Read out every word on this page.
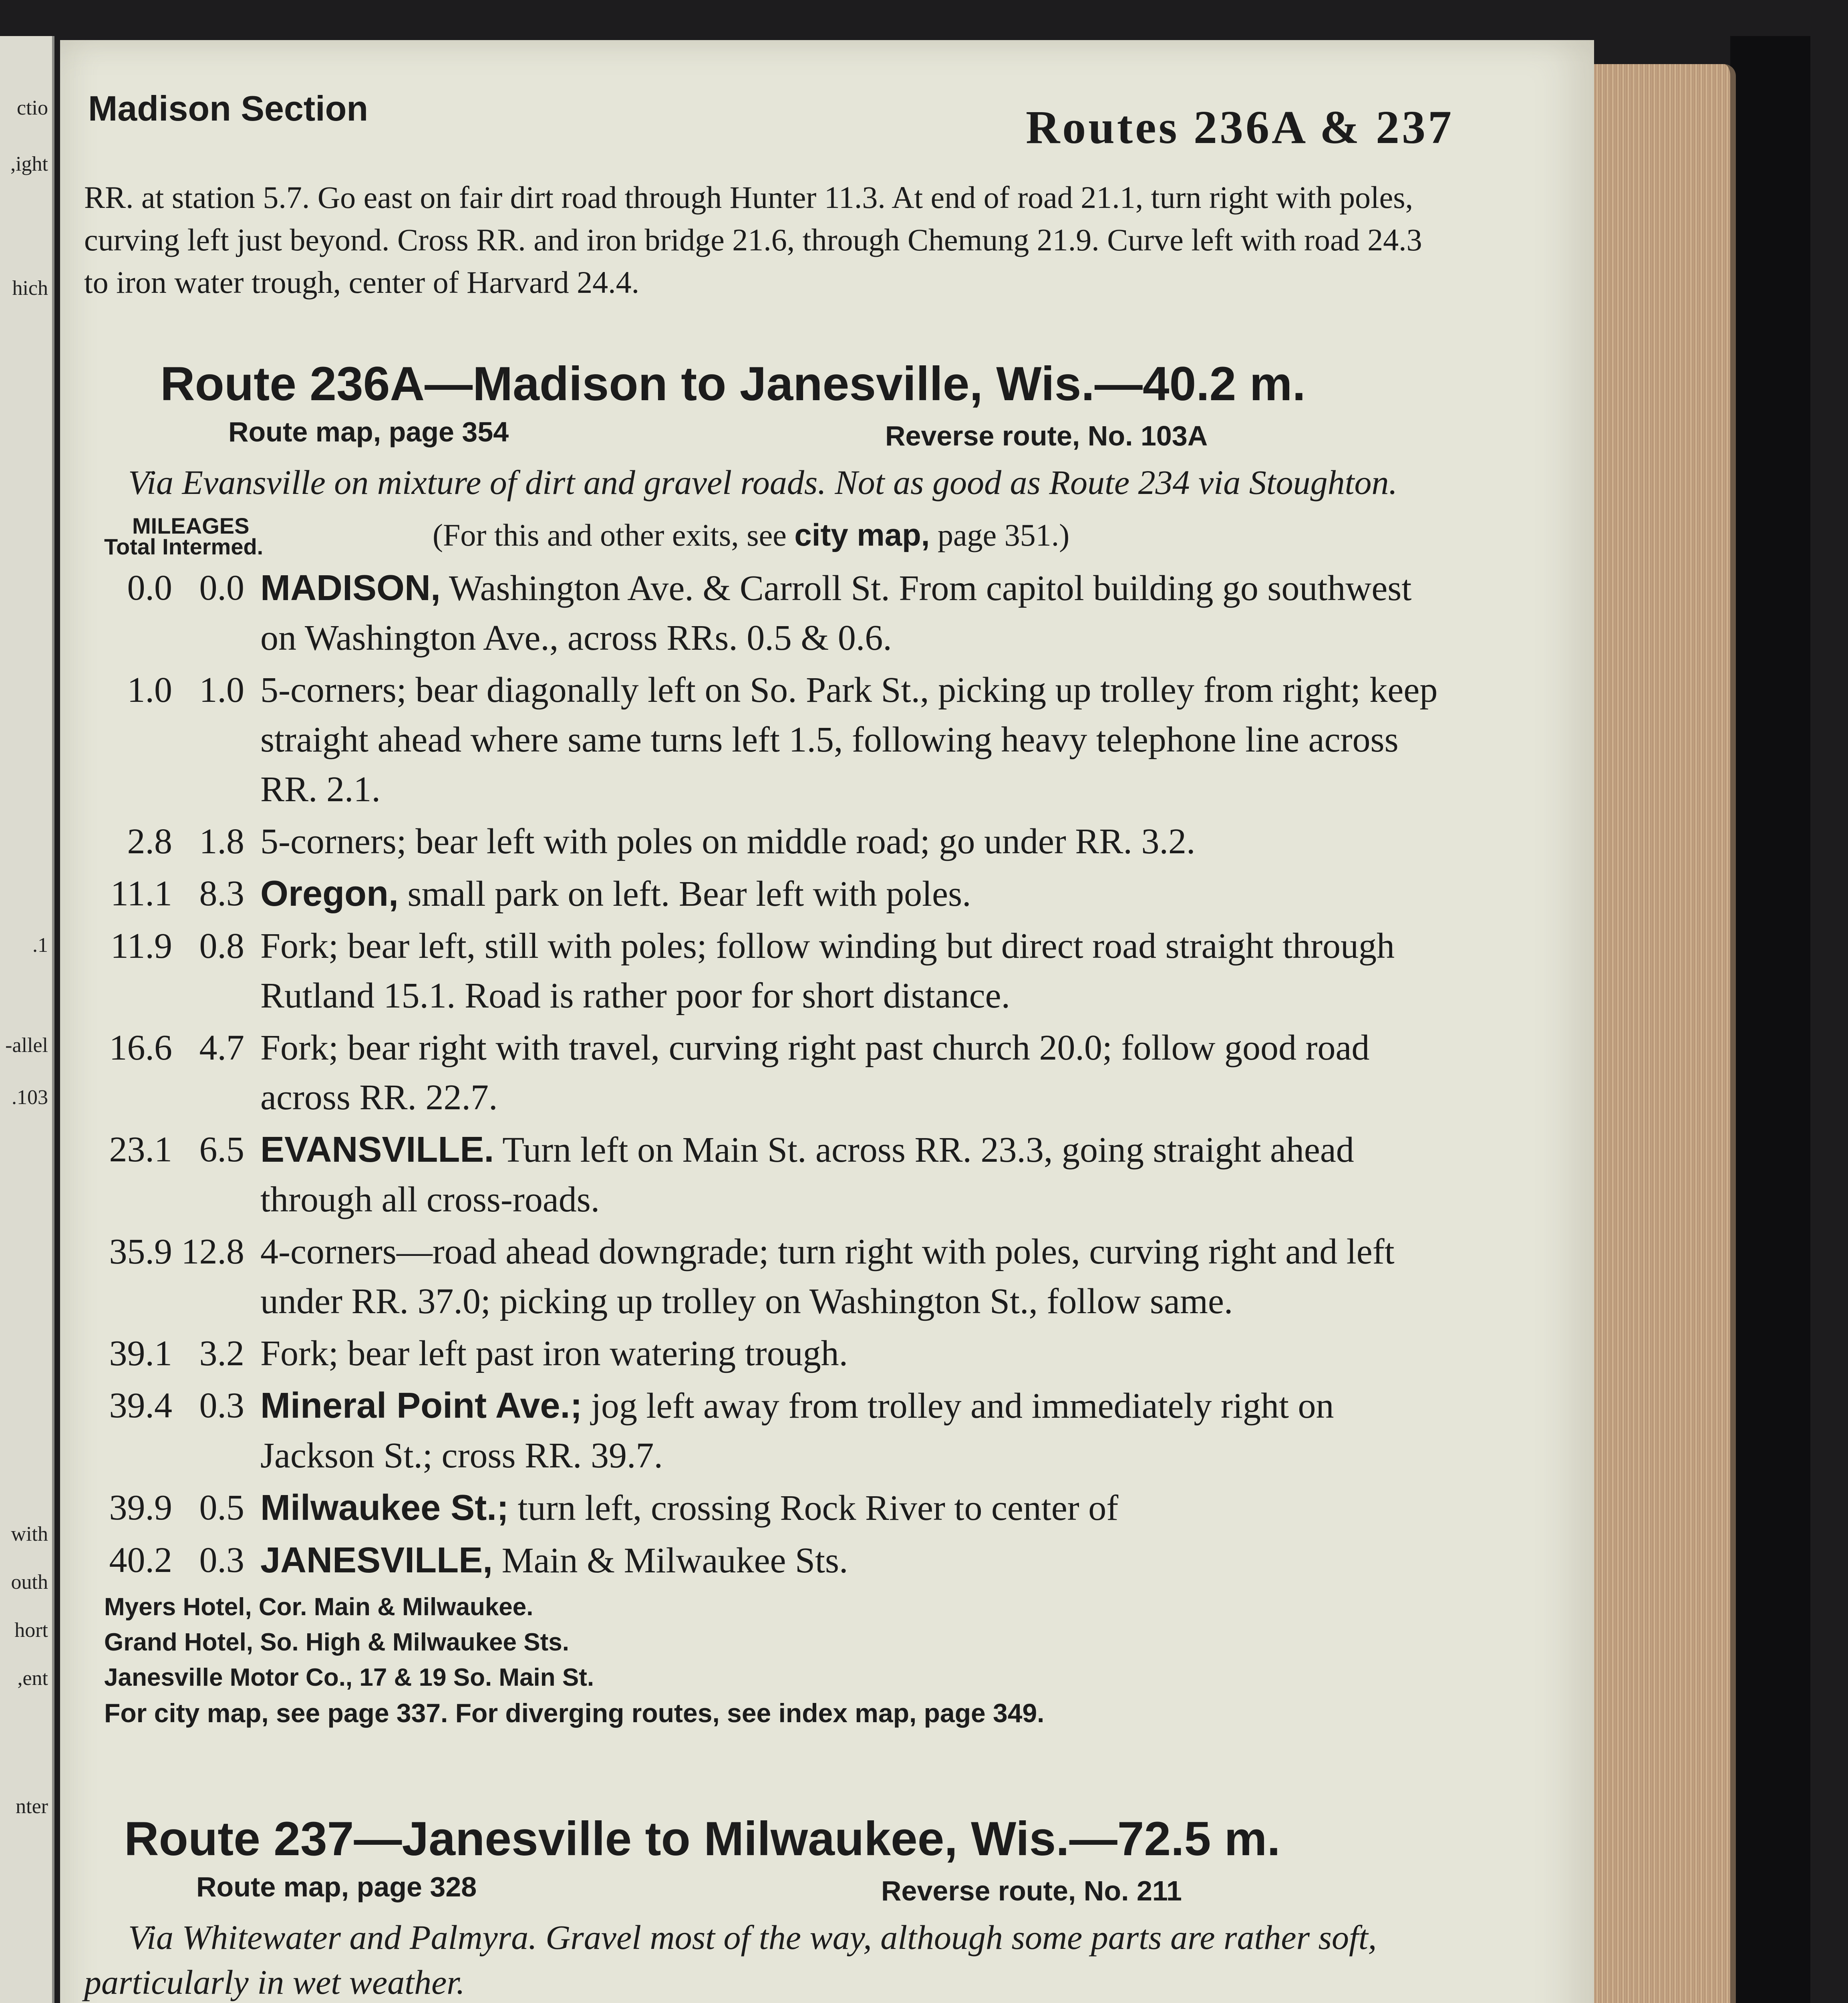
ctio
ight,
hich
1.
allel-
103.
with
outh
hort
ent,
nter
Madison Section	Routes 236A & 237

RR. at station 5.7. Go east on fair dirt road through Hunter 11.3. At end of road 21.1, turn right with poles, curving left just beyond. Cross RR. and iron bridge 21.6, through Chemung 21.9. Curve left with road 24.3 to iron water trough, center of Harvard 24.4.

Route 236A—Madison to Janesville, Wis.—40.2 m.
Route map, page 354	Reverse route, No. 103A

Via Evansville on mixture of dirt and gravel roads. Not as good as Route 234 via Stoughton.

MILEAGES
Total Intermed.	(For this and other exits, see city map, page 351.)
0.0 0.0 MADISON, Washington Ave. & Carroll St. From capitol building go southwest on Washington Ave., across RRs. 0.5 & 0.6.
1.0 1.0 5-corners; bear diagonally left on So. Park St., picking up trolley from right; keep straight ahead where same turns left 1.5, following heavy telephone line across RR. 2.1.
2.8 1.8 5-corners; bear left with poles on middle road; go under RR. 3.2.
11.1 8.3 Oregon, small park on left. Bear left with poles.
11.9 0.8 Fork; bear left, still with poles; follow winding but direct road straight through Rutland 15.1. Road is rather poor for short distance.
16.6 4.7 Fork; bear right with travel, curving right past church 20.0; follow good road across RR. 22.7.
23.1 6.5 EVANSVILLE. Turn left on Main St. across RR. 23.3, going straight ahead through all cross-roads.
35.9 12.8 4-corners—road ahead downgrade; turn right with poles, curving right and left under RR. 37.0; picking up trolley on Washington St., follow same.
39.1 3.2 Fork; bear left past iron watering trough.
39.4 0.3 Mineral Point Ave.; jog left away from trolley and immediately right on Jackson St.; cross RR. 39.7.
39.9 0.5 Milwaukee St.; turn left, crossing Rock River to center of
40.2 0.3 JANESVILLE, Main & Milwaukee Sts.
Myers Hotel, Cor. Main & Milwaukee.
Grand Hotel, So. High & Milwaukee Sts.
Janesville Motor Co., 17 & 19 So. Main St.
For city map, see page 337. For diverging routes, see index map, page 349.
Route 237—Janesville to Milwaukee, Wis.—72.5 m.
Route map, page 328	Reverse route, No. 211

Via Whitewater and Palmyra. Gravel most of the way, although some parts are rather soft, particularly in wet weather.
